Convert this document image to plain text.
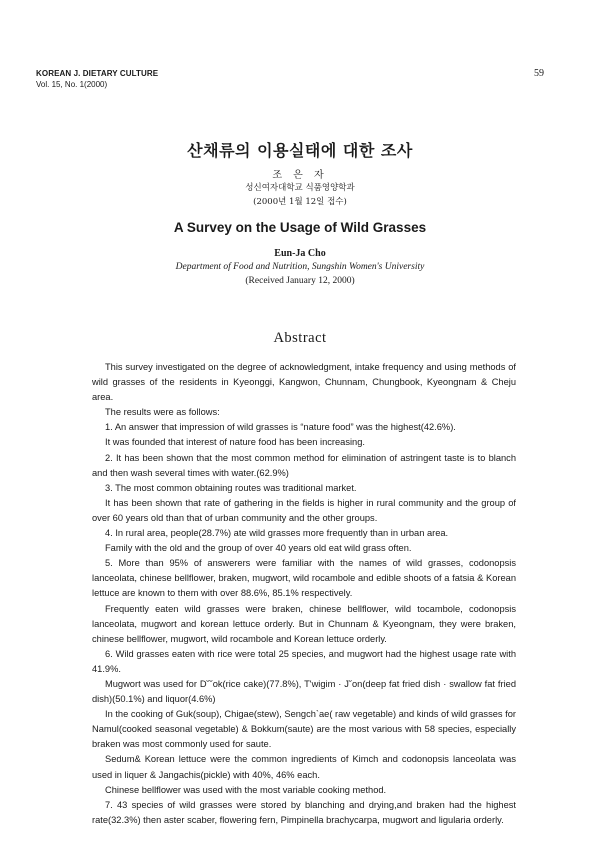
KOREAN J. DIETARY CULTURE
Vol. 15, No. 1(2000)
59
산채류의 이용실태에 대한 조사
조 은 자
성신여자대학교 식품영양학과
(2000년 1월 12일 접수)
A Survey on the Usage of Wild Grasses
Eun-Ja Cho
Department of Food and Nutrition, Sungshin Women's University
(Received January 12, 2000)
Abstract

This survey investigated on the degree of acknowledgment, intake frequency and using methods of wild grasses of the residents in Kyeonggi, Kangwon, Chunnam, Chungbook, Kyeongnam & Cheju area.

The results were as follows:

1. An answer that impression of wild grasses is “nature food” was the highest(42.6%).

It was founded that interest of nature food has been increasing.

2. It has been shown that the most common method for elimination of astringent taste is to blanch and then wash several times with water.(62.9%)

3. The most common obtaining routes was traditional market.

It has been shown that rate of gathering in the fields is higher in rural community and the group of over 60 years old than that of urban community and the other groups.

4. In rural area, people(28.7%) ate wild grasses more frequently than in urban area.

Family with the old and the group of over 40 years old eat wild grass often.

5. More than 95% of answerers were familiar with the names of wild grasses, codonopsis lanceolata, chinese bellflower, braken, mugwort, wild rocambole and edible shoots of a fatsia & Korean lettuce are known to them with over 88.6%, 85.1% respectively.

Frequently eaten wild grasses were braken, chinese bellflower, wild tocambole, codonopsis lanceolata, mugwort and korean lettuce orderly. But in Chunnam & Kyeongnam, they were braken, chinese bellflower, mugwort, wild rocambole and Korean lettuce orderly.

6. Wild grasses eaten with rice were total 25 species, and mugwort had the highest usage rate with 41.9%.

Mugwort was used for D˘˘ok(rice cake)(77.8%), T'wigim · J˘on(deep fat fried dish · swallow fat fried dish)(50.1%) and liquor(4.6%)

In the cooking of Guk(soup), Chigae(stew), Sengch`ae( raw vegetable) and kinds of wild grasses for Namul(cooked seasonal vegetable) & Bokkum(saute) are the most various with 58 species, especially braken was most commonly used for saute.

Sedum& Korean lettuce were the common ingredients of Kimch and codonopsis lanceolata was used in liquer & Jangachis(pickle) with 40%, 46% each.

Chinese bellflower was used with the most variable cooking method.

7. 43 species of wild grasses were stored by blanching and drying,and braken had the highest rate(32.3%) then aster scaber, flowering fern, Pimpinella brachycarpa, mugwort and ligularia orderly.
